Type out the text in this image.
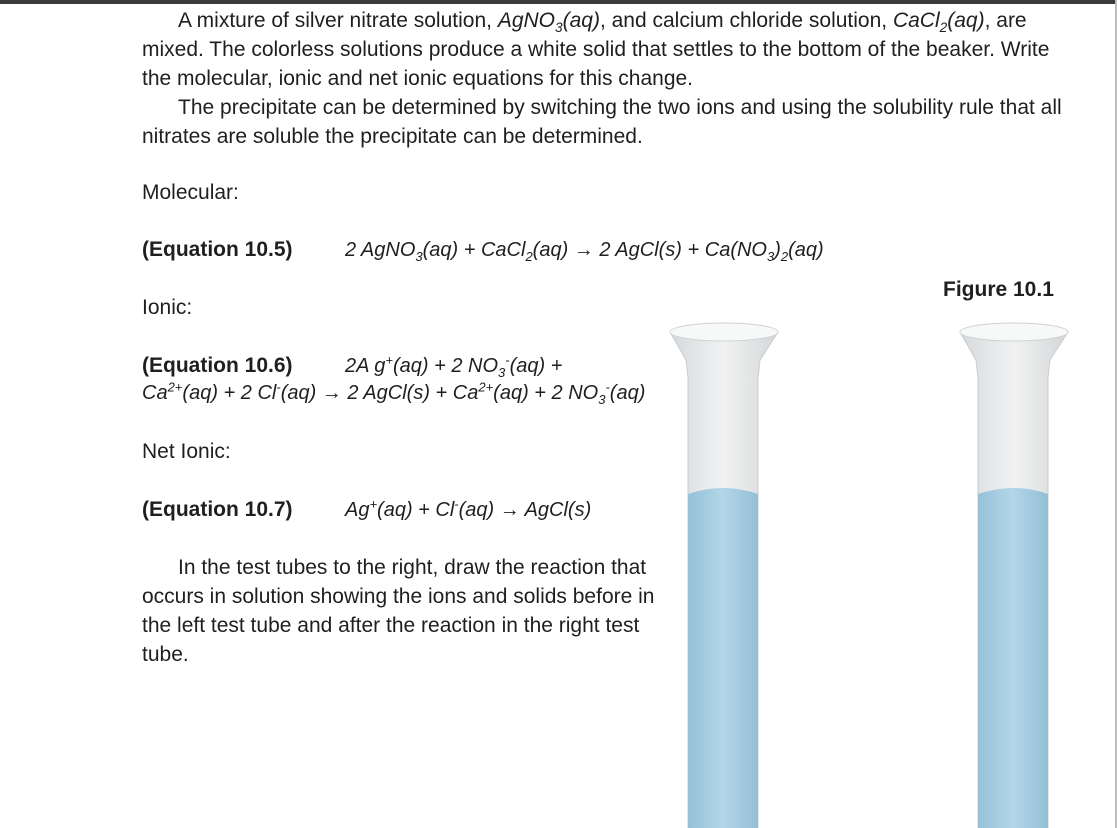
A mixture of silver nitrate solution, AgNO$_3$(aq), and calcium chloride solution, CaCl$_2$(aq), are mixed. The colorless solutions produce a white solid that settles to the bottom of the beaker. Write the molecular, ionic and net ionic equations for this change.

The precipitate can be determined by switching the two ions and using the solubility rule that all nitrates are soluble the precipitate can be determined.

Molecular:
(Equation 10.5)	2 AgNO$_3$(aq) + CaCl$_2$(aq) → 2 AgCl(s) + $Ca(NO_3)_2(aq)$
Ionic:
(Equation 10.6)	2A g+(aq) + 2 $NO_3^-(aq)$ +
$Ca^{2+}(aq) + 2$ Cl-(aq) → 2 AgCl(s) + $Ca^{2+}(aq) + 2$ $NO_3^-(aq)$
Net Ionic:
(Equation 10.7)	Ag+(aq) + Cl-(aq) → AgCl(s)
In the test tubes to the right, draw the reaction that occurs in solution showing the ions and solids before in the left test tube and after the reaction in the right test tube.
Figure 10.1
